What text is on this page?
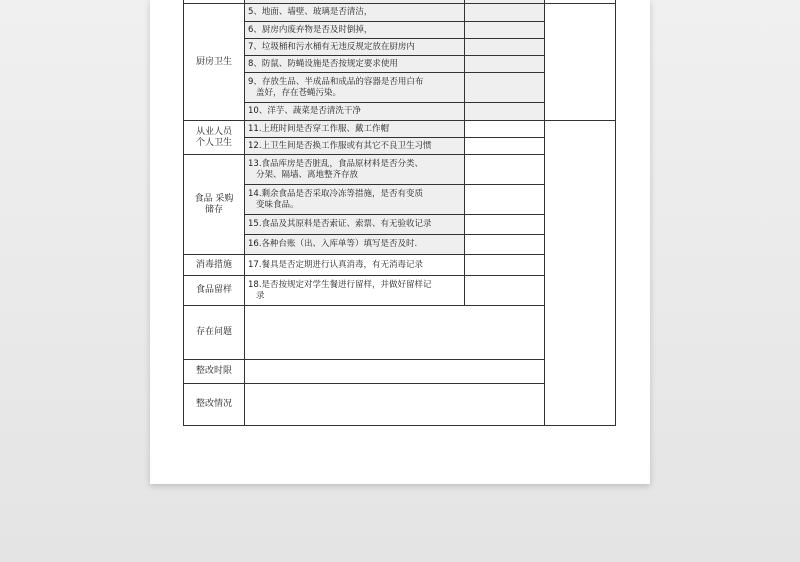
厨房卫生	5、地面、墙壁、玻璃是否清洁，		
	6、厨房内废弃物是否及时倒掉，		
	7、垃圾桶和污水桶有无违反规定放在厨房内		
	8、防鼠、防蝇设施是否按规定要求使用		
	9、存放生品、半成品和成品的容器是否用白布
盖好，存在苍蝇污染。		

	10、洋芋、蔬菜是否清洗干净		
从业人员
个人卫生	11.上班时间是否穿工作服、戴工作帽		
	12.上卫生间是否换工作服或有其它不良卫生习惯		
食品 采购
储存	13.食品库房是否脏乱，食品原材料是否分类、
分架、隔墙、离地整齐存放		

	14.剩余食品是否采取冷冻等措施，是否有变质
变味食品。		

	15.食品及其原料是否索证、索票、有无验收记录		
	16.各种台账（出、入库单等）填写是否及时.		
消毒措施	17.餐具是否定期进行认真消毒，有无消毒记录		
食品留样	18.是否按规定对学生餐进行留样，并做好留样记
录		

存在问题			
整改时限			
整改情况			
